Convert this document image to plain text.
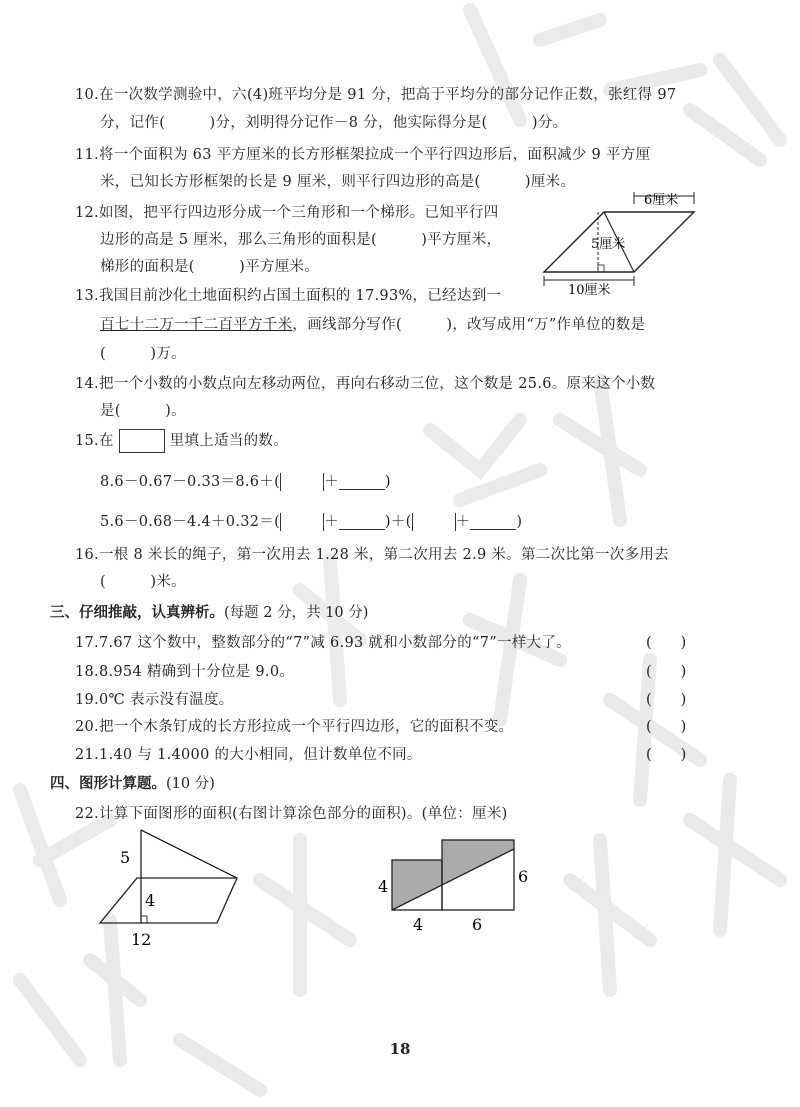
10.在一次数学测验中，六(4)班平均分是 91 分，把高于平均分的部分记作正数，张红得 97
分，记作(　　　)分，刘明得分记作－8 分，他实际得分是(　　　)分。
11.将一个面积为 63 平方厘米的长方形框架拉成一个平行四边形后，面积减少 9 平方厘
米，已知长方形框架的长是 9 厘米，则平行四边形的高是(　　　)厘米。
12.如图，把平行四边形分成一个三角形和一个梯形。已知平行四
边形的高是 5 厘米，那么三角形的面积是(　　　)平方厘米，
梯形的面积是(　　　)平方厘米。
6厘米
5厘米
10厘米
13.我国目前沙化土地面积约占国土面积的 17.93%，已经达到一
百七十二万一千二百平方千米，画线部分写作(　　　)，改写成用“万”作单位的数是
(　　　)万。
14.把一个小数的小数点向左移动两位，再向右移动三位，这个数是 25.6。原来这个小数
是(　　　)。
15.在	里填上适当的数。
8.6－0.67－0.33＝8.6＋(	＋	)
5.6－0.68－4.4＋0.32＝(	＋	)＋(	＋	)
16.一根 8 米长的绳子，第一次用去 1.28 米，第二次用去 2.9 米。第二次比第一次多用去
(　　　)米。
三、仔细推敲，认真辨析。(每题 2 分，共 10 分)
17.7.67 这个数中，整数部分的“7”减 6.93 就和小数部分的“7”一样大了。	(　　)
18.8.954 精确到十分位是 9.0。	(　　)
19.0℃ 表示没有温度。	(　　)
20.把一个木条钉成的长方形拉成一个平行四边形，它的面积不变。	(　　)
21.1.40 与 1.4000 的大小相同，但计数单位不同。	(　　)
四、图形计算题。(10 分)
22.计算下面图形的面积(右图计算涂色部分的面积)。(单位：厘米)
5
4
12
4
6
4	6
18
